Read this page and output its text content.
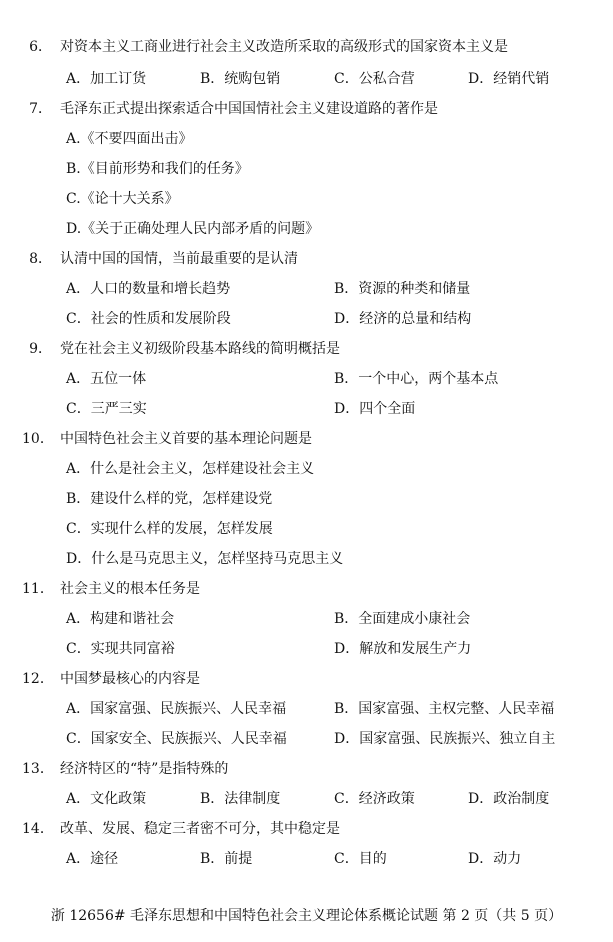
6． 对资本主义工商业进行社会主义改造所采取的高级形式的国家资本主义是
A．加工订货	B．统购包销	C．公私合营	D．经销代销
7． 毛泽东正式提出探索适合中国国情社会主义建设道路的著作是
A.《不要四面出击》
B.《目前形势和我们的任务》
C.《论十大关系》
D.《关于正确处理人民内部矛盾的问题》
8． 认清中国的国情，当前最重要的是认清
A．人口的数量和增长趋势	B．资源的种类和储量
C．社会的性质和发展阶段	D．经济的总量和结构
9． 党在社会主义初级阶段基本路线的简明概括是
A．五位一体	B．一个中心，两个基本点
C．三严三实	D．四个全面
10． 中国特色社会主义首要的基本理论问题是
A．什么是社会主义，怎样建设社会主义
B．建设什么样的党，怎样建设党
C．实现什么样的发展，怎样发展
D．什么是马克思主义，怎样坚持马克思主义
11． 社会主义的根本任务是
A．构建和谐社会	B．全面建成小康社会
C．实现共同富裕	D．解放和发展生产力
12． 中国梦最核心的内容是
A．国家富强、民族振兴、人民幸福	B．国家富强、主权完整、人民幸福
C．国家安全、民族振兴、人民幸福	D．国家富强、民族振兴、独立自主
13． 经济特区的“特”是指特殊的
A．文化政策	B．法律制度	C．经济政策	D．政治制度
14． 改革、发展、稳定三者密不可分，其中稳定是
A．途径	B．前提	C．目的	D．动力
浙 12656# 毛泽东思想和中国特色社会主义理论体系概论试题 第 2 页（共 5 页）
